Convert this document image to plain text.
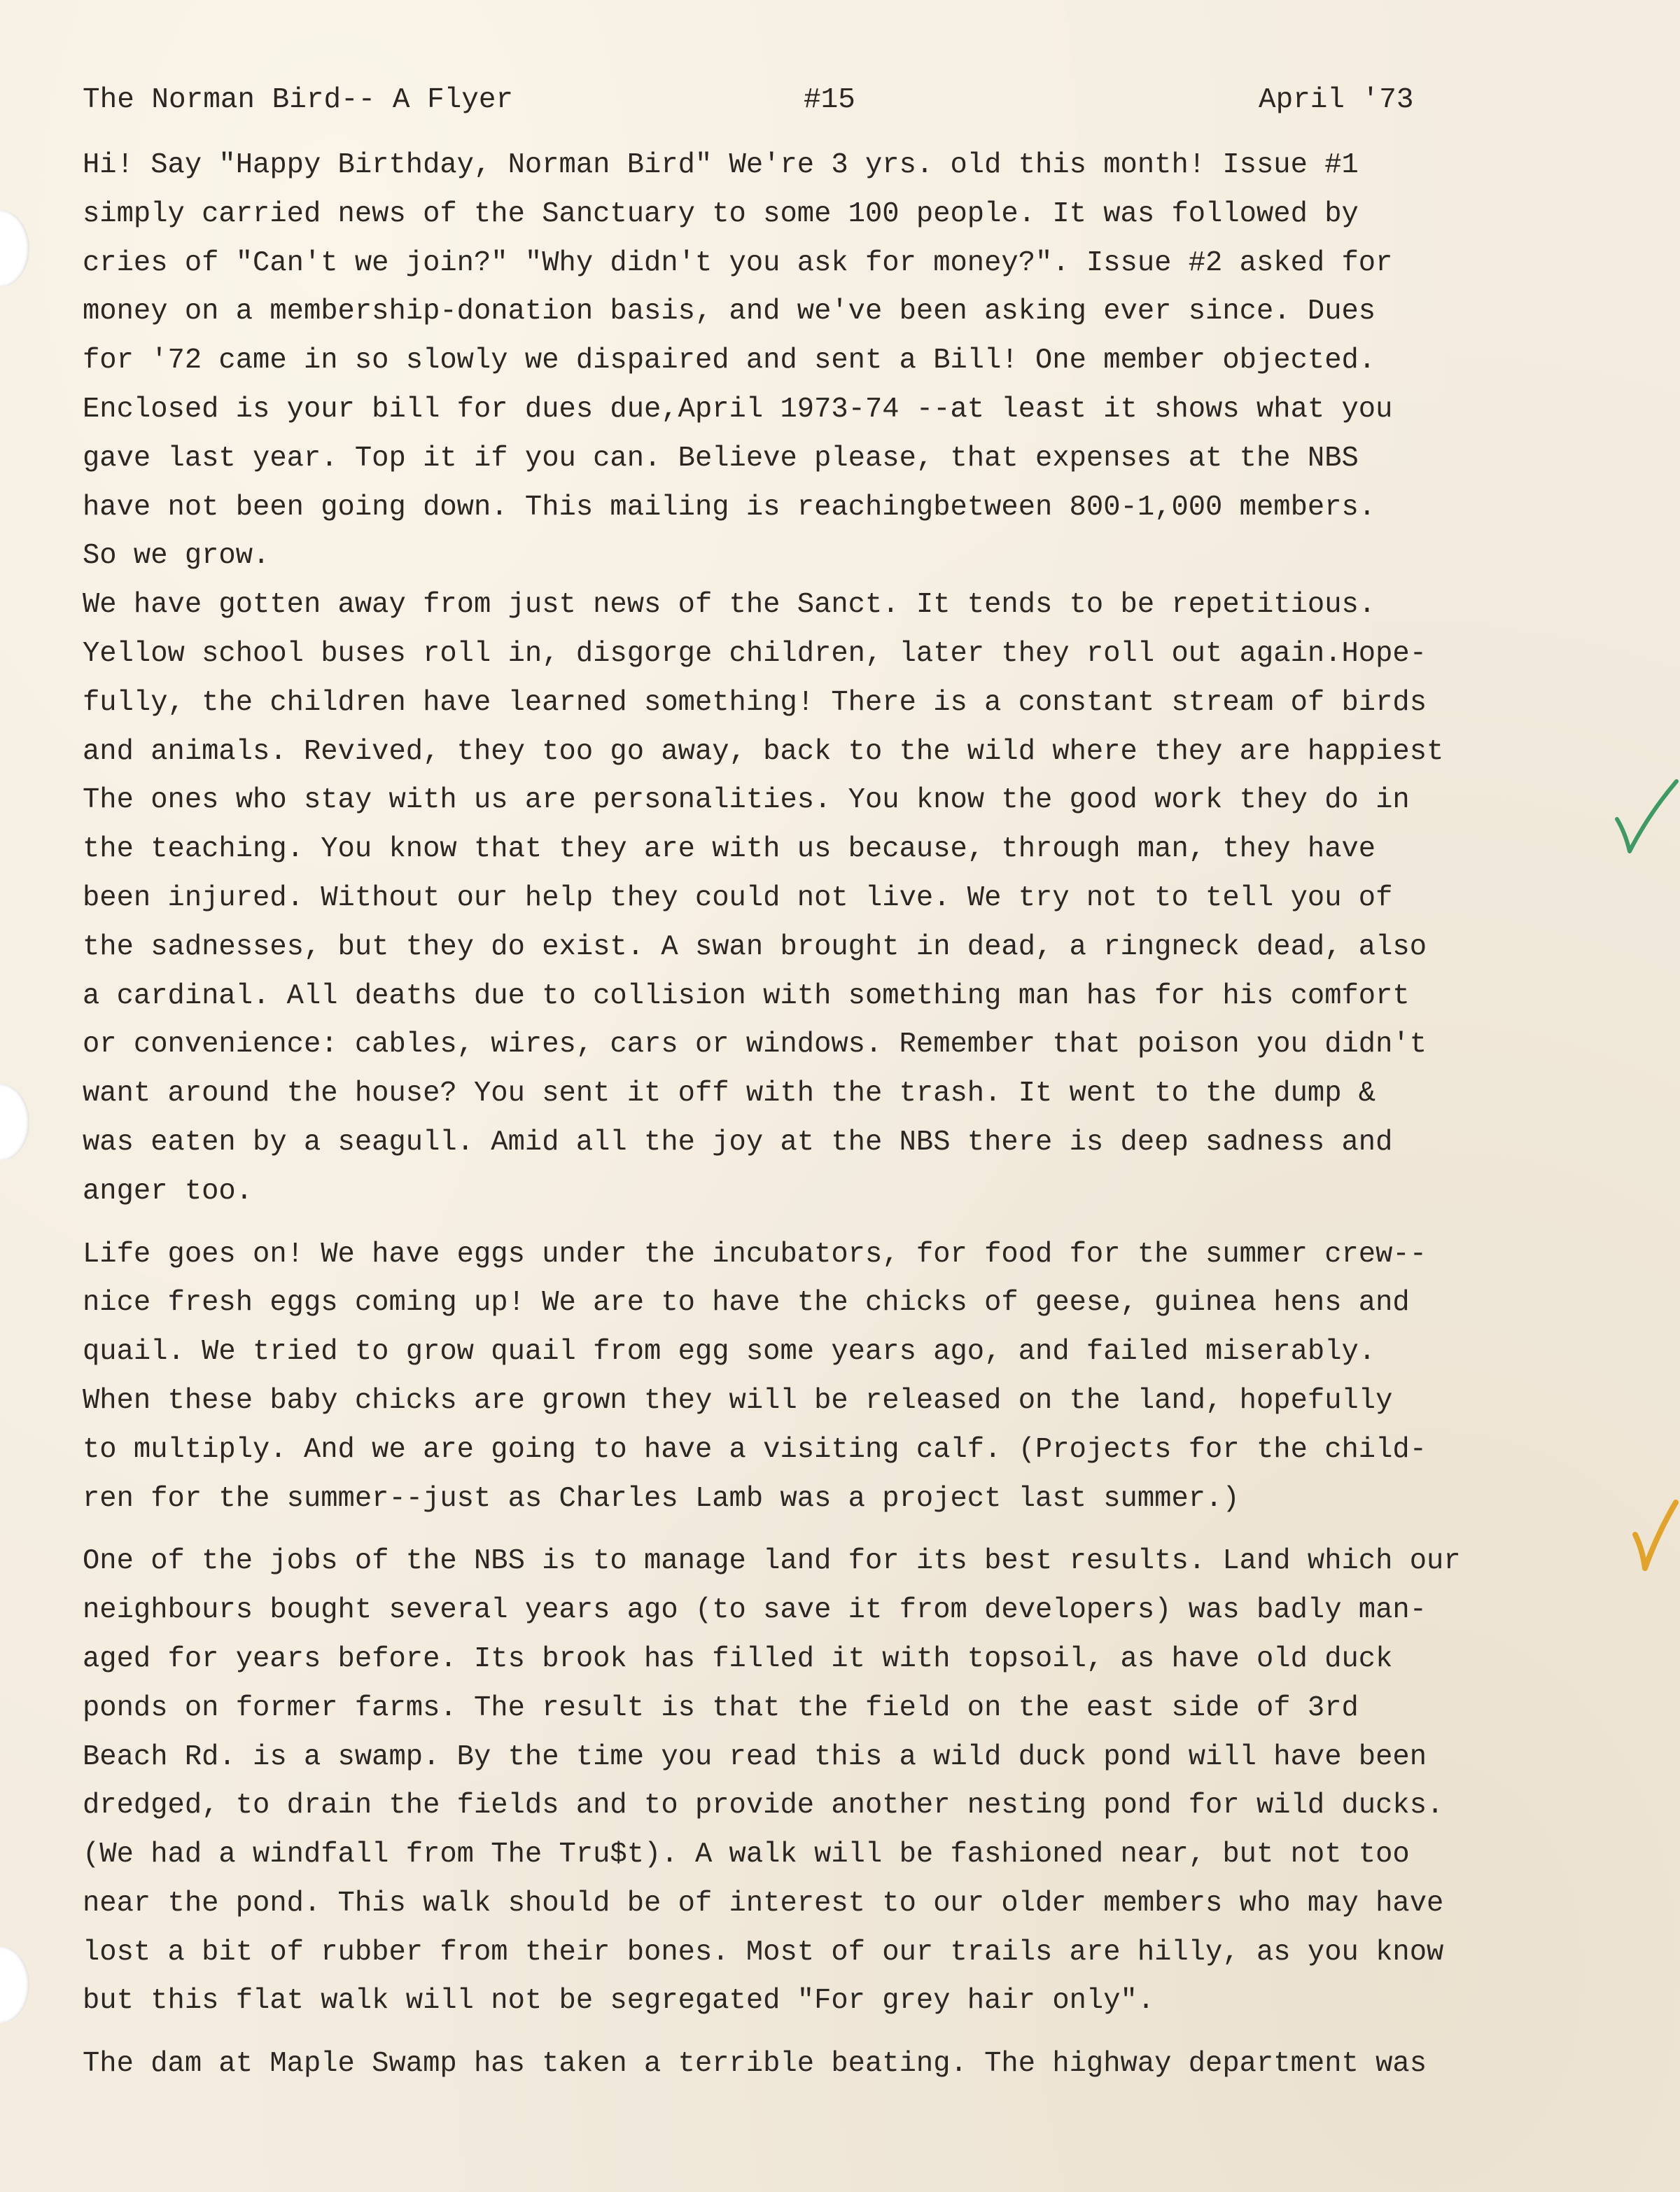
The Norman Bird-- A Flyer	#15	April '73

Hi! Say "Happy Birthday, Norman Bird" We're 3 yrs. old this month! Issue #1

simply carried news of the Sanctuary to some 100 people. It was followed by

cries of "Can't we join?" "Why didn't you ask for money?". Issue #2 asked for

money on a membership-donation basis, and we've been asking ever since. Dues

for '72 came in so slowly we dispaired and sent a Bill! One member objected.

Enclosed is your bill for dues due,April 1973-74 --at least it shows what you

gave last year. Top it if you can. Believe please, that expenses at the NBS

have not been going down. This mailing is reachingbetween 800-1,000 members.

So we grow.

We have gotten away from just news of the Sanct. It tends to be repetitious.

Yellow school buses roll in, disgorge children, later they roll out again.Hope-

fully, the children have learned something! There is a constant stream of birds

and animals. Revived, they too go away, back to the wild where they are happiest

The ones who stay with us are personalities. You know the good work they do in

the teaching. You know that they are with us because, through man, they have

been injured. Without our help they could not live. We try not to tell you of

the sadnesses, but they do exist. A swan brought in dead, a ringneck dead, also

a cardinal. All deaths due to collision with something man has for his comfort

or convenience: cables, wires, cars or windows. Remember that poison you didn't

want around the house? You sent it off with the trash. It went to the dump &

was eaten by a seagull. Amid all the joy at the NBS there is deep sadness and

anger too.

Life goes on! We have eggs under the incubators, for food for the summer crew--

nice fresh eggs coming up! We are to have the chicks of geese, guinea hens and

quail. We tried to grow quail from egg some years ago, and failed miserably.

When these baby chicks are grown they will be released on the land, hopefully

to multiply. And we are going to have a visiting calf. (Projects for the child-

ren for the summer--just as Charles Lamb was a project last summer.)

One of the jobs of the NBS is to manage land for its best results. Land which our

neighbours bought several years ago (to save it from developers) was badly man-

aged for years before. Its brook has filled it with topsoil, as have old duck

ponds on former farms. The result is that the field on the east side of 3rd

Beach Rd. is a swamp. By the time you read this a wild duck pond will have been

dredged, to drain the fields and to provide another nesting pond for wild ducks.

(We had a windfall from The Tru$t). A walk will be fashioned near, but not too

near the pond. This walk should be of interest to our older members who may have

lost a bit of rubber from their bones. Most of our trails are hilly, as you know

but this flat walk will not be segregated "For grey hair only".

The dam at Maple Swamp has taken a terrible beating. The highway department was
